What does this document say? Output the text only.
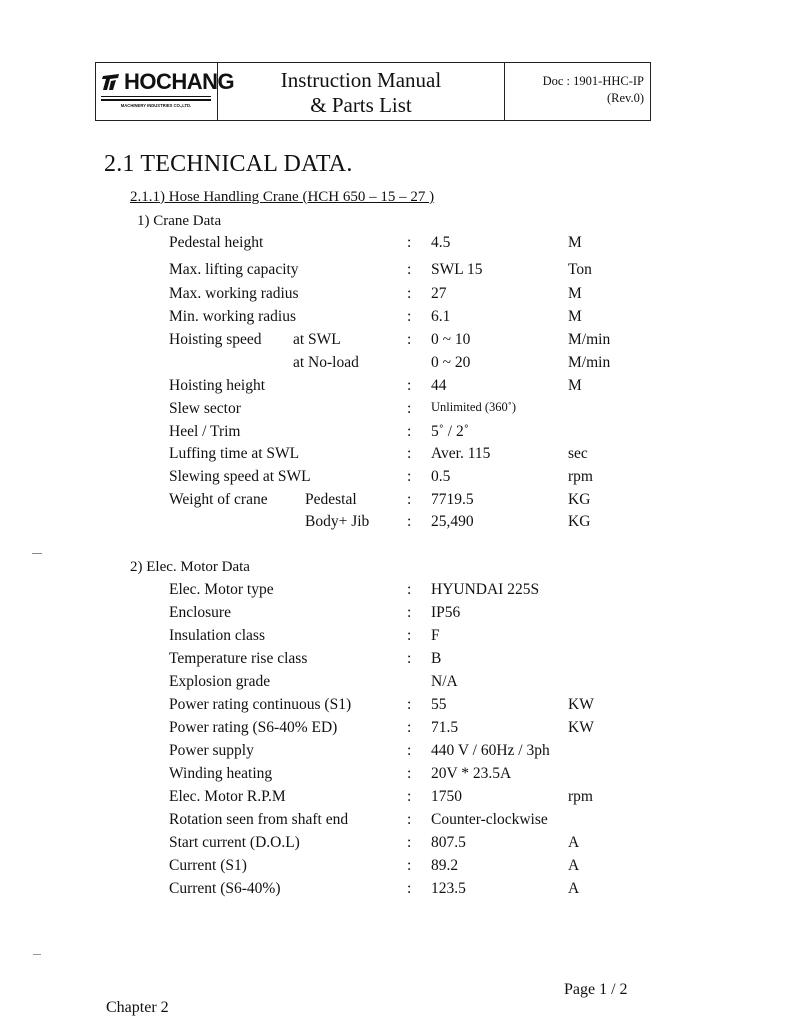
HOCHANG
MACHINERY INDUSTRIES CO.,LTD.
Instruction Manual
& Parts List
Doc : 1901-HHC-IP
(Rev.0)
2.1 TECHNICAL DATA.
2.1.1) Hose Handling Crane (HCH 650 – 15 – 27 )
1) Crane Data
Pedestal height	: 4.5	M
Max. lifting capacity	: SWL 15	Ton
Max. working radius	: 27	M
Min. working radius	: 6.1	M
Hoisting speed at SWL	: 0 ~ 10	M/min
at No-load	0 ~ 20	M/min
Hoisting height	: 44	M
Slew sector	: Unlimited (360˚)
Heel / Trim	: 5˚ / 2˚
Luffing time at SWL	: Aver. 115	sec
Slewing speed at SWL	: 0.5	rpm
Weight of crane Pedestal	: 7719.5	KG
Body+ Jib : 25,490	KG
2) Elec. Motor Data
Elec. Motor type	: HYUNDAI 225S
Enclosure	: IP56
Insulation class	: F
Temperature rise class	: B
Explosion grade	N/A
Power rating continuous (S1)	: 55	KW
Power rating (S6-40% ED)	: 71.5	KW
Power supply	: 440 V / 60Hz / 3ph
Winding heating	: 20V * 23.5A
Elec. Motor R.P.M	: 1750	rpm
Rotation seen from shaft end	: Counter-clockwise
Start current (D.O.L)	: 807.5	A
Current (S1)	: 89.2	A
Current (S6-40%)	: 123.5	A
Page 1 / 2
Chapter 2
